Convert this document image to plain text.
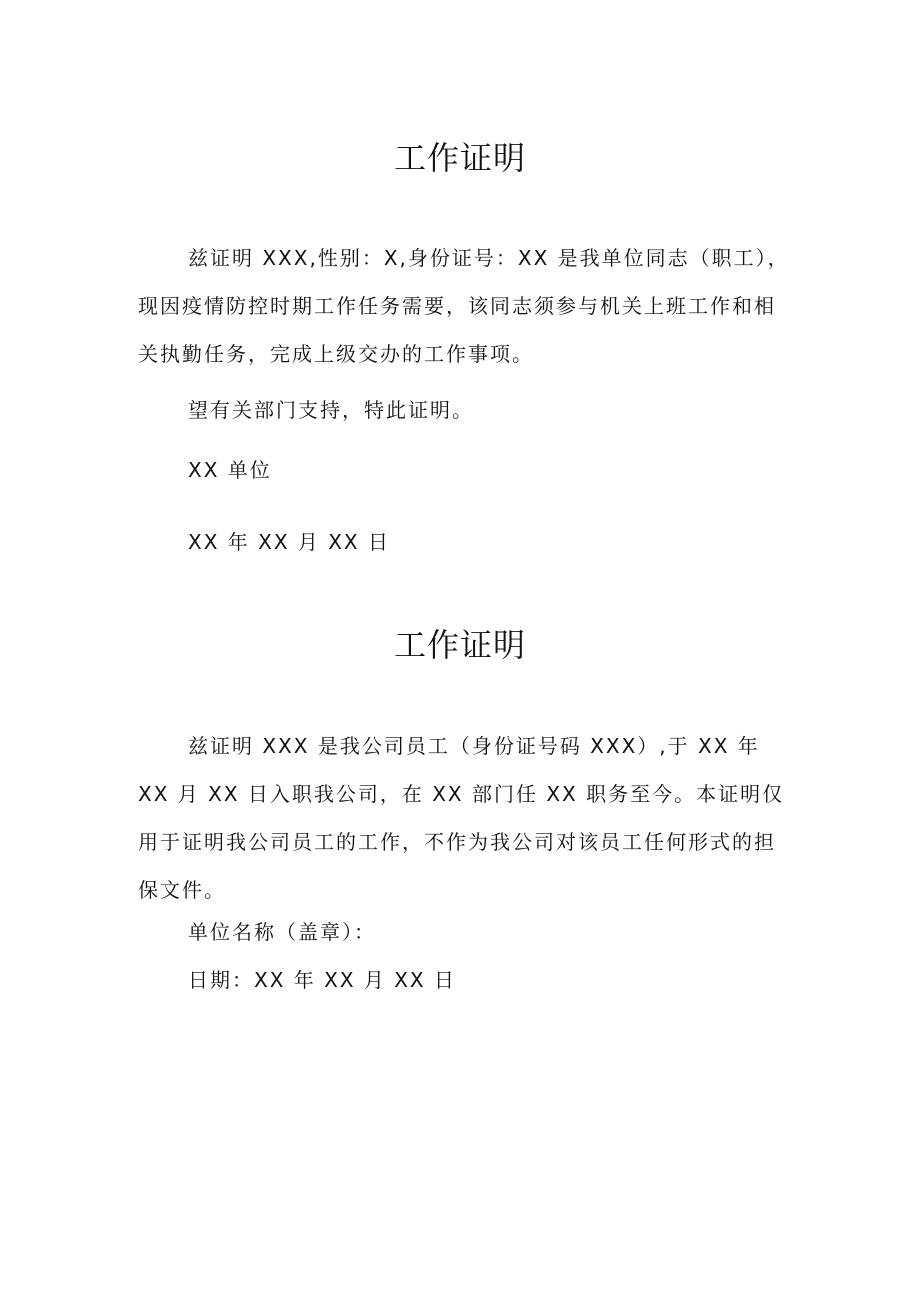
工作证明
兹证明 XXX,性别：X,身份证号：XX 是我单位同志（职工），现因疫情防控时期工作任务需要，该同志须参与机关上班工作和相关执勤任务，完成上级交办的工作事项。
望有关部门支持，特此证明。
XX 单位
XX 年 XX 月 XX 日
工作证明
兹证明 XXX 是我公司员工（身份证号码 XXX）,于 XX 年 XX 月 XX 日入职我公司，在 XX 部门任 XX 职务至今。本证明仅用于证明我公司员工的工作，不作为我公司对该员工任何形式的担保文件。
单位名称（盖章）：
日期：XX 年 XX 月 XX 日
